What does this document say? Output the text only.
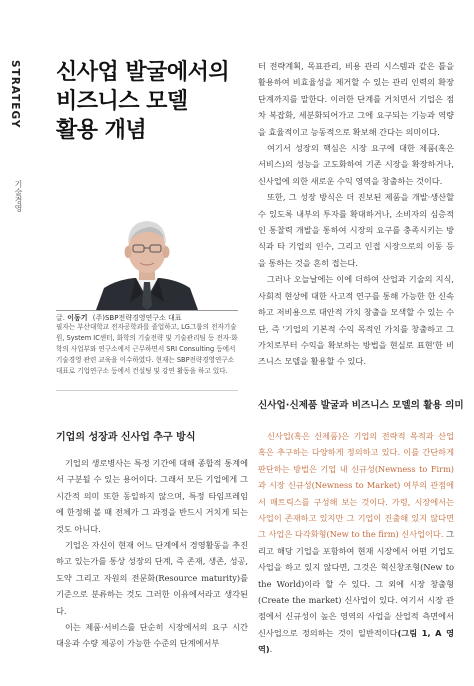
STRATEGY
기술경영
신사업 발굴에서의
비즈니스 모델
활용 개념
글. 이동기 (주)SBP전략경영연구소 대표

필자는 부산대학교 전자공학과를 졸업하고, LG그룹의 전자기술원, System IC센터, 화학의 기술전략 및 기술관리팀 등 전자·화학의 사업부와 연구소에서 근무하면서 SRI Consulting 등에서 기술경영 관련 교육을 이수하였다. 현재는 SBP전략경영연구소 대표로 기업연구소 등에서 컨설팅 및 강연 활동을 하고 있다.

기업의 성장과 신사업 추구 방식

기업의 생로병사는 특정 기간에 대해 종합적 통계에서 구분될 수 있는 용어이다. 그래서 모든 기업에게 그 시간적 의미 또한 동일하지 않으며, 특정 타임프레임에 한정해 볼 때 전체가 그 과정을 반드시 거치게 되는 것도 아니다.

기업은 자신이 현재 어느 단계에서 경영활동을 추진하고 있는가를 통상 성장의 단계, 즉 존재, 생존, 성공, 도약 그리고 자원의 전문화(Resource maturity)를 기준으로 분류하는 것도 그러한 이유에서라고 생각된다.

이는 제품·서비스를 단순히 시장에서의 요구 시간 대응과 수량 제공이 가능한 수준의 단계에서부

터 전략계획, 목표관리, 비용 관리 시스템과 같은 틀을 활용하여 비효율성을 제거할 수 있는 관리 인력의 확장 단계까지를 말한다. 이러한 단계를 거치면서 기업은 점차 복잡화, 세분화되어가고 그에 요구되는 기능과 역량을 효율적이고 능동적으로 확보해 간다는 의미이다.

여기서 성장의 핵심은 시장 요구에 대한 제품(혹은 서비스)의 성능을 고도화하여 기존 시장을 확장하거나, 신사업에 의한 새로운 수익 영역을 창출하는 것이다.

또한, 그 성장 방식은 더 진보된 제품을 개발·생산할 수 있도록 내부의 투자를 확대하거나, 소비자의 심층적인 통찰력 개발을 통하여 시장의 요구를 충족시키는 방식과 타 기업의 인수, 그리고 인접 시장으로의 이동 등을 통하는 것을 흔히 접는다.

그러나 오늘날에는 이에 더하여 산업과 기술의 지식, 사회적 현상에 대한 사고적 연구를 통해 가능한 한 신속하고 저비용으로 대안적 가치 창출을 모색할 수 있는 수단, 즉 '기업의 기본적 수익 목적인 가치를 창출하고 그 가치로부터 수익을 확보하는 방법을 현실로 표현'한 비즈니스 모델을 활용할 수 있다.

신사업·신제품 발굴과 비즈니스 모델의 활용 의미

신사업(혹은 신제품)은 기업의 전략적 목적과 산업 혹은 추구하는 다양하게 정의하고 있다. 이를 간단하게 판단하는 방법은 기업 내 신규성(Newness to Firm)과 시장 신규성(Newness to Market) 여부의 관점에서 매트릭스를 구성해 보는 것이다. 가령, 시장에서는 사업이 존재하고 있지만 그 기업이 진출해 있지 않다면 그 사업은 다각화형(New to the firm) 신사업이다. 그리고 해당 기업을 포함하여 현재 시장에서 어떤 기업도 사업을 하고 있지 않다면, 그것은 혁신창조형(New to the World)이라 할 수 있다. 그 외에 시장 창출형(Create the market) 신사업이 있다. 여기서 시장 관점에서 신규성이 높은 영역의 사업을 산업적 측면에서 신사업으로 정의하는 것이 일반적이다(그림 1, A 영역).
